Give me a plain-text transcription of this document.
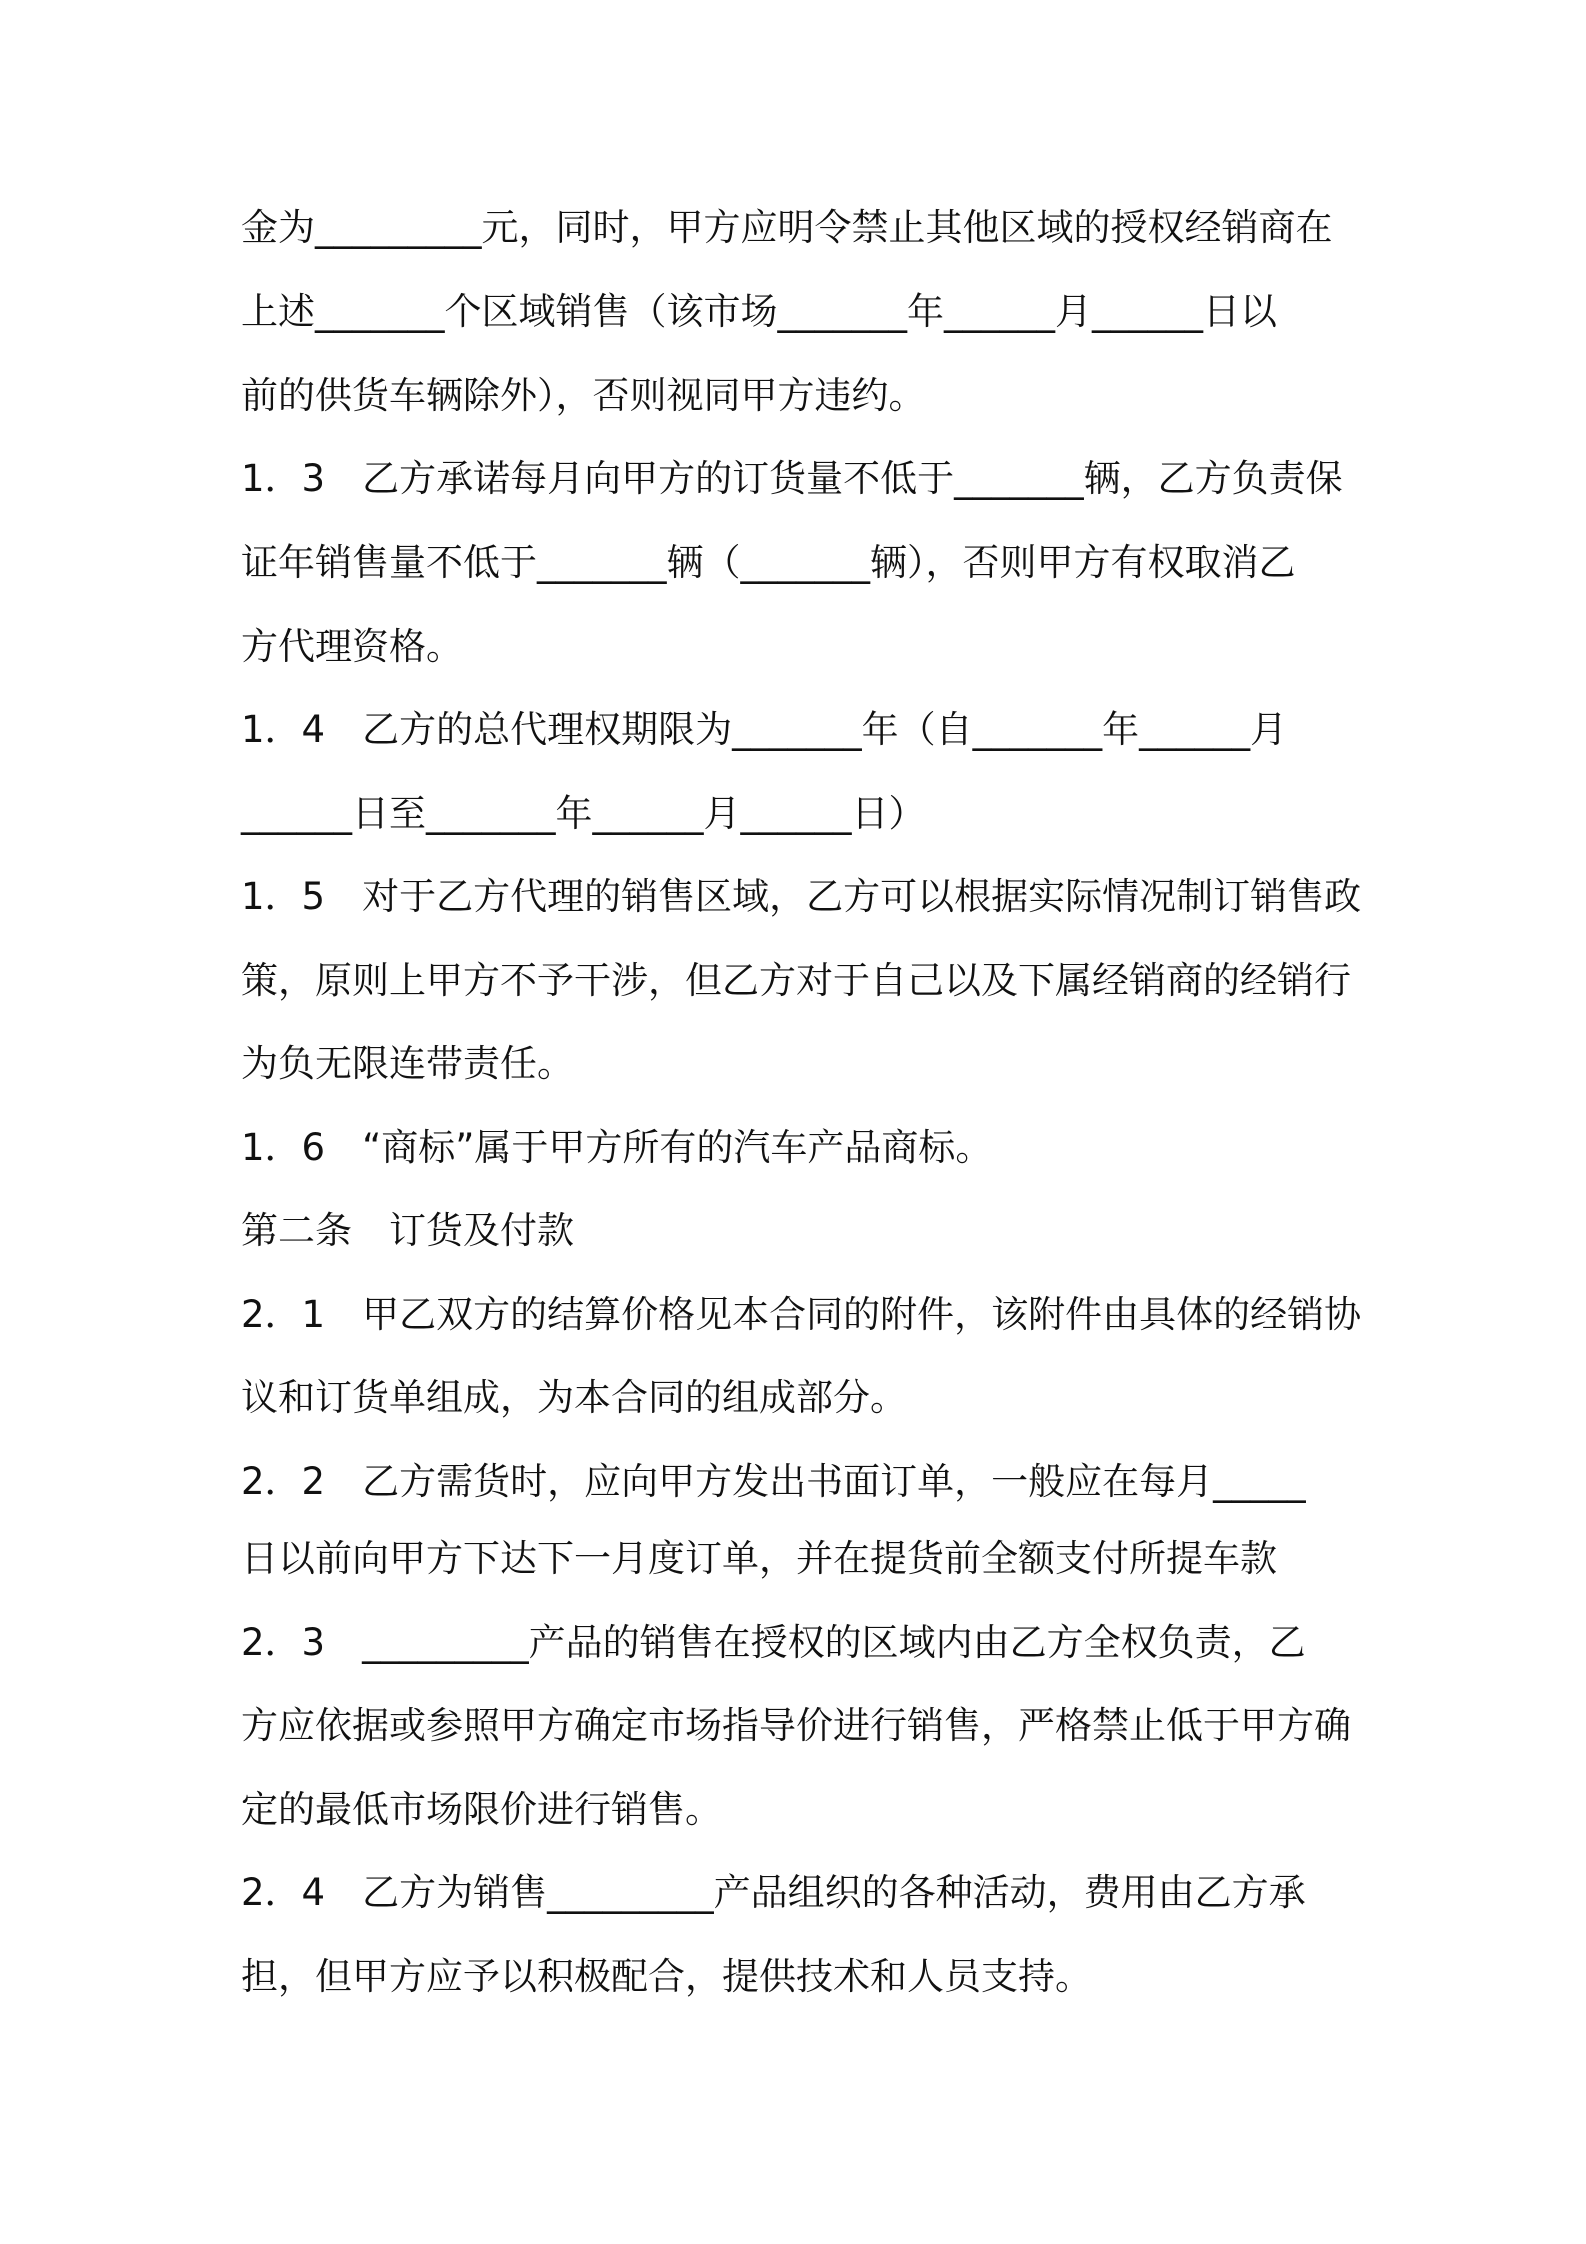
金为_________元，同时，甲方应明令禁止其他区域的授权经销商在

上述_______个区域销售（该市场_______年______月______日以

前的供货车辆除外），否则视同甲方违约。

1．3　乙方承诺每月向甲方的订货量不低于_______辆，乙方负责保

证年销售量不低于_______辆（_______辆），否则甲方有权取消乙

方代理资格。

1．4　乙方的总代理权期限为_______年（自_______年______月

______日至_______年______月______日）

1．5　对于乙方代理的销售区域，乙方可以根据实际情况制订销售政

策，原则上甲方不予干涉，但乙方对于自己以及下属经销商的经销行

为负无限连带责任。

1．6　“商标”属于甲方所有的汽车产品商标。

第二条　订货及付款

2．1　甲乙双方的结算价格见本合同的附件，该附件由具体的经销协

议和订货单组成，为本合同的组成部分。

2．2　乙方需货时，应向甲方发出书面订单，一般应在每月_____

日以前向甲方下达下一月度订单，并在提货前全额支付所提车款

2．3　_________产品的销售在授权的区域内由乙方全权负责，乙

方应依据或参照甲方确定市场指导价进行销售，严格禁止低于甲方确

定的最低市场限价进行销售。

2．4　乙方为销售_________产品组织的各种活动，费用由乙方承

担，但甲方应予以积极配合，提供技术和人员支持。
